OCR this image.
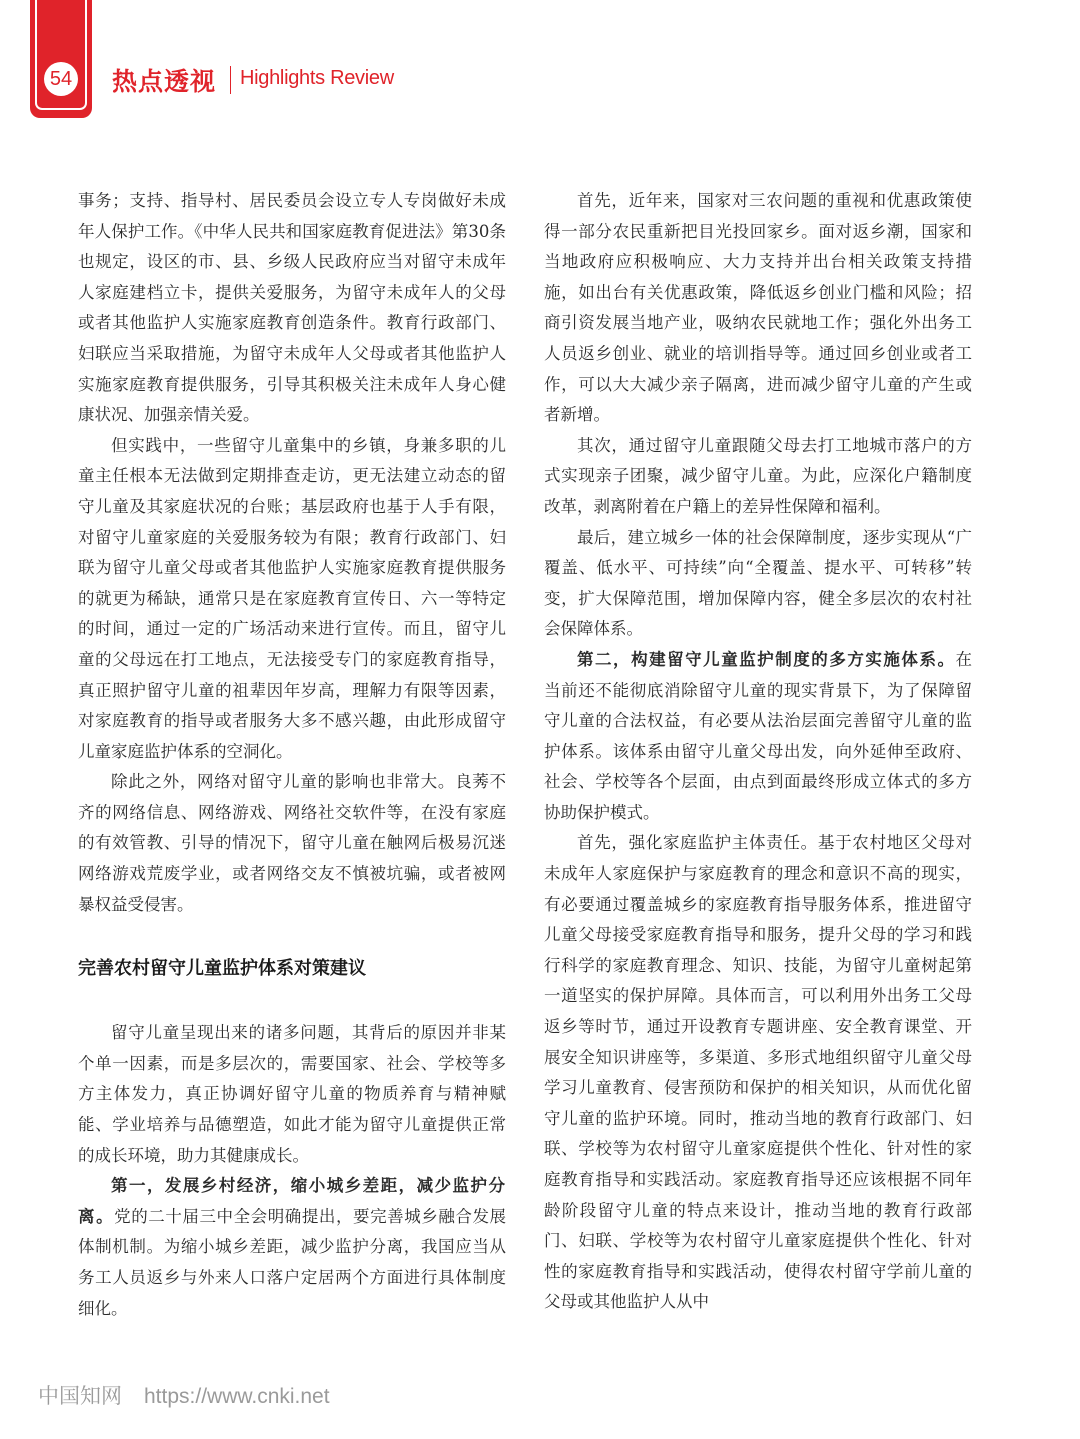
54 热点透视 Highlights Review

事务；支持、指导村、居民委员会设立专人专岗做好未成年人保护工作。《中华人民共和国家庭教育促进法》第30条也规定，设区的市、县、乡级人民政府应当对留守未成年人家庭建档立卡，提供关爱服务，为留守未成年人的父母或者其他监护人实施家庭教育创造条件。教育行政部门、妇联应当采取措施，为留守未成年人父母或者其他监护人实施家庭教育提供服务，引导其积极关注未成年人身心健康状况、加强亲情关爱。

但实践中，一些留守儿童集中的乡镇，身兼多职的儿童主任根本无法做到定期排查走访，更无法建立动态的留守儿童及其家庭状况的台账；基层政府也基于人手有限，对留守儿童家庭的关爱服务较为有限；教育行政部门、妇联为留守儿童父母或者其他监护人实施家庭教育提供服务的就更为稀缺，通常只是在家庭教育宣传日、六一等特定的时间，通过一定的广场活动来进行宣传。而且，留守儿童的父母远在打工地点，无法接受专门的家庭教育指导，真正照护留守儿童的祖辈因年岁高，理解力有限等因素，对家庭教育的指导或者服务大多不感兴趣，由此形成留守儿童家庭监护体系的空洞化。

除此之外，网络对留守儿童的影响也非常大。良莠不齐的网络信息、网络游戏、网络社交软件等，在没有家庭的有效管教、引导的情况下，留守儿童在触网后极易沉迷网络游戏荒废学业，或者网络交友不慎被坑骗，或者被网暴权益受侵害。

完善农村留守儿童监护体系对策建议

留守儿童呈现出来的诸多问题，其背后的原因并非某个单一因素，而是多层次的，需要国家、社会、学校等多方主体发力，真正协调好留守儿童的物质养育与精神赋能、学业培养与品德塑造，如此才能为留守儿童提供正常的成长环境，助力其健康成长。

第一，发展乡村经济，缩小城乡差距，减少监护分离。党的二十届三中全会明确提出，要完善城乡融合发展体制机制。为缩小城乡差距，减少监护分离，我国应当从务工人员返乡与外来人口落户定居两个方面进行具体制度细化。

首先，近年来，国家对三农问题的重视和优惠政策使得一部分农民重新把目光投回家乡。面对返乡潮，国家和当地政府应积极响应、大力支持并出台相关政策支持措施，如出台有关优惠政策，降低返乡创业门槛和风险；招商引资发展当地产业，吸纳农民就地工作；强化外出务工人员返乡创业、就业的培训指导等。通过回乡创业或者工作，可以大大减少亲子隔离，进而减少留守儿童的产生或者新增。

其次，通过留守儿童跟随父母去打工地城市落户的方式实现亲子团聚，减少留守儿童。为此，应深化户籍制度改革，剥离附着在户籍上的差异性保障和福利。

最后，建立城乡一体的社会保障制度，逐步实现从“广覆盖、低水平、可持续”向“全覆盖、提水平、可转移”转变，扩大保障范围，增加保障内容，健全多层次的农村社会保障体系。

第二，构建留守儿童监护制度的多方实施体系。在当前还不能彻底消除留守儿童的现实背景下，为了保障留守儿童的合法权益，有必要从法治层面完善留守儿童的监护体系。该体系由留守儿童父母出发，向外延伸至政府、社会、学校等各个层面，由点到面最终形成立体式的多方协助保护模式。

首先，强化家庭监护主体责任。基于农村地区父母对未成年人家庭保护与家庭教育的理念和意识不高的现实，有必要通过覆盖城乡的家庭教育指导服务体系，推进留守儿童父母接受家庭教育指导和服务，提升父母的学习和践行科学的家庭教育理念、知识、技能，为留守儿童树起第一道坚实的保护屏障。具体而言，可以利用外出务工父母返乡等时节，通过开设教育专题讲座、安全教育课堂、开展安全知识讲座等，多渠道、多形式地组织留守儿童父母学习儿童教育、侵害预防和保护的相关知识，从而优化留守儿童的监护环境。同时，推动当地的教育行政部门、妇联、学校等为农村留守儿童家庭提供个性化、针对性的家庭教育指导和实践活动。家庭教育指导还应该根据不同年龄阶段留守儿童的特点来设计，推动当地的教育行政部门、妇联、学校等为农村留守儿童家庭提供个性化、针对性的家庭教育指导和实践活动，使得农村留守学前儿童的父母或其他监护人从中

中国知网 https://www.cnki.net
